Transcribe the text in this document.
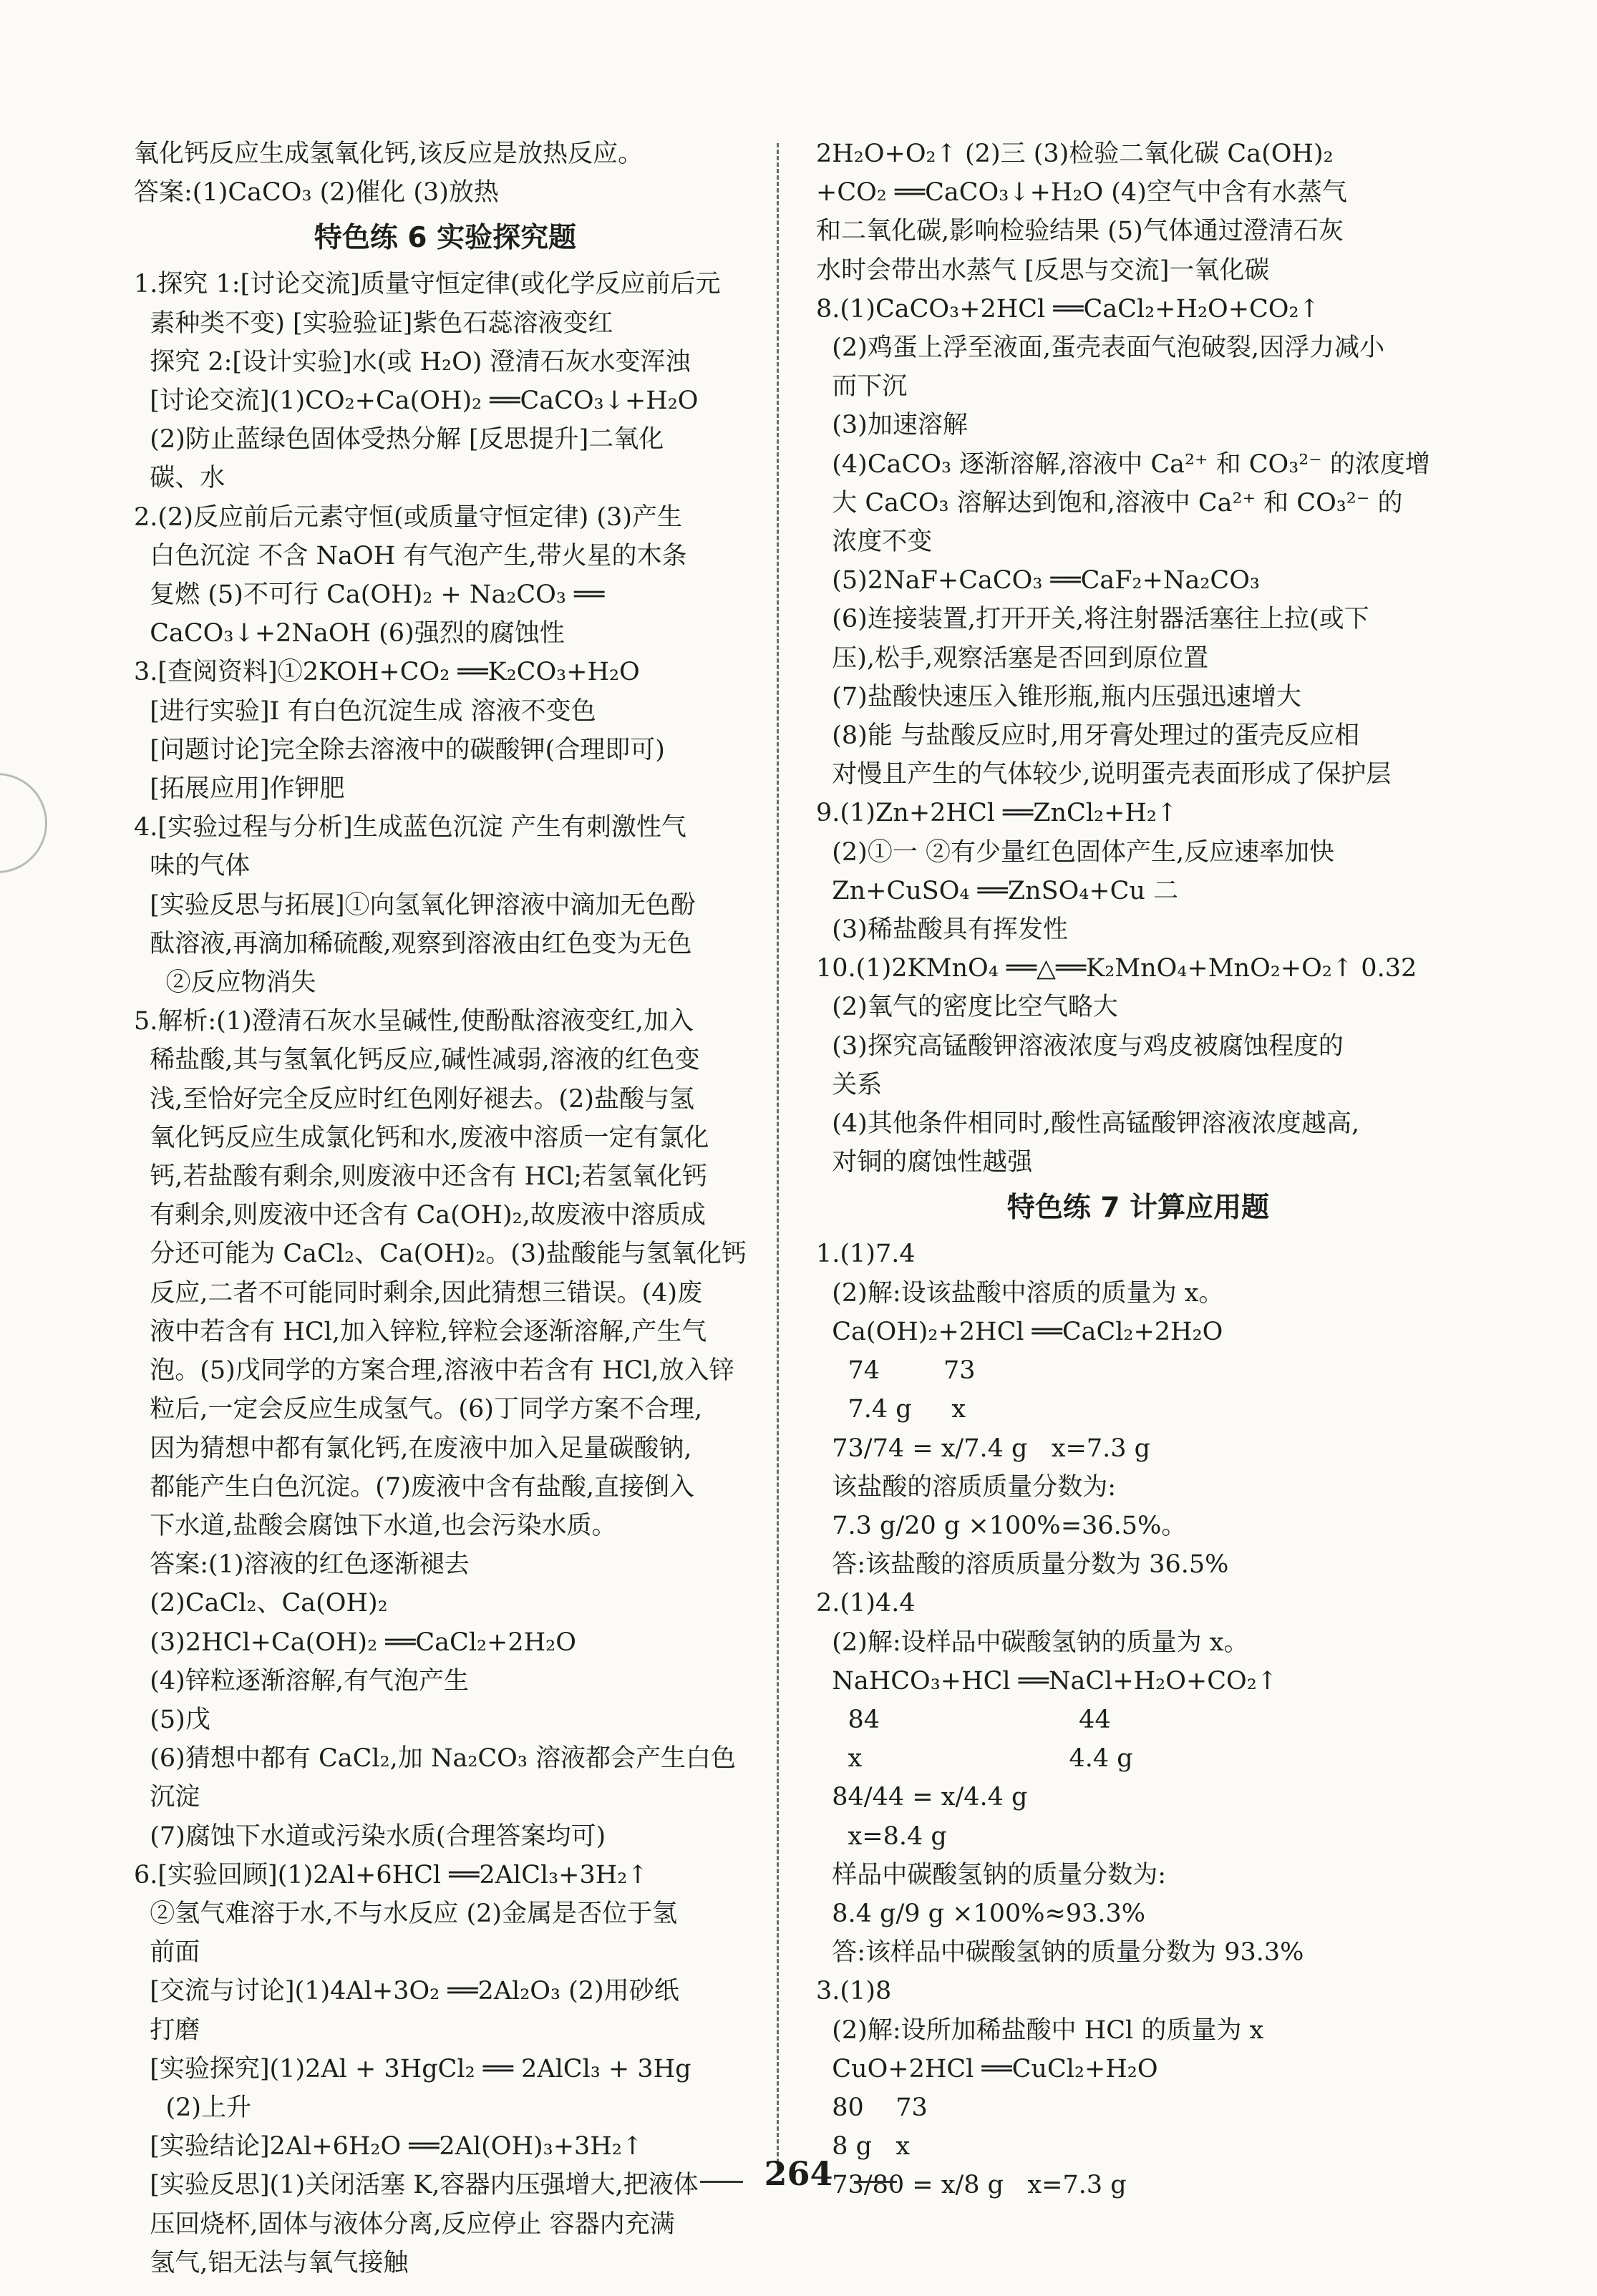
氧化钙反应生成氢氧化钙,该反应是放热反应。
答案:(1)CaCO₃ (2)催化 (3)放热
特色练 6 实验探究题
1.探究 1:[讨论交流]质量守恒定律(或化学反应前后元
素种类不变) [实验验证]紫色石蕊溶液变红
探究 2:[设计实验]水(或 H₂O) 澄清石灰水变浑浊
[讨论交流](1)CO₂+Ca(OH)₂ ══CaCO₃↓+H₂O
(2)防止蓝绿色固体受热分解 [反思提升]二氧化
碳、水
2.(2)反应前后元素守恒(或质量守恒定律) (3)产生
白色沉淀 不含 NaOH 有气泡产生,带火星的木条
复燃 (5)不可行 Ca(OH)₂ + Na₂CO₃ ══
CaCO₃↓+2NaOH (6)强烈的腐蚀性
3.[查阅资料]①2KOH+CO₂ ══K₂CO₃+H₂O
[进行实验]Ⅰ 有白色沉淀生成 溶液不变色
[问题讨论]完全除去溶液中的碳酸钾(合理即可)
[拓展应用]作钾肥
4.[实验过程与分析]生成蓝色沉淀 产生有刺激性气
味的气体
[实验反思与拓展]①向氢氧化钾溶液中滴加无色酚
酞溶液,再滴加稀硫酸,观察到溶液由红色变为无色
②反应物消失
5.解析:(1)澄清石灰水呈碱性,使酚酞溶液变红,加入
稀盐酸,其与氢氧化钙反应,碱性减弱,溶液的红色变
浅,至恰好完全反应时红色刚好褪去。(2)盐酸与氢
氧化钙反应生成氯化钙和水,废液中溶质一定有氯化
钙,若盐酸有剩余,则废液中还含有 HCl;若氢氧化钙
有剩余,则废液中还含有 Ca(OH)₂,故废液中溶质成
分还可能为 CaCl₂、Ca(OH)₂。(3)盐酸能与氢氧化钙
反应,二者不可能同时剩余,因此猜想三错误。(4)废
液中若含有 HCl,加入锌粒,锌粒会逐渐溶解,产生气
泡。(5)戊同学的方案合理,溶液中若含有 HCl,放入锌
粒后,一定会反应生成氢气。(6)丁同学方案不合理,
因为猜想中都有氯化钙,在废液中加入足量碳酸钠,
都能产生白色沉淀。(7)废液中含有盐酸,直接倒入
下水道,盐酸会腐蚀下水道,也会污染水质。
答案:(1)溶液的红色逐渐褪去
(2)CaCl₂、Ca(OH)₂
(3)2HCl+Ca(OH)₂ ══CaCl₂+2H₂O
(4)锌粒逐渐溶解,有气泡产生
(5)戊
(6)猜想中都有 CaCl₂,加 Na₂CO₃ 溶液都会产生白色
沉淀
(7)腐蚀下水道或污染水质(合理答案均可)
6.[实验回顾](1)2Al+6HCl ══2AlCl₃+3H₂↑
②氢气难溶于水,不与水反应 (2)金属是否位于氢
前面
[交流与讨论](1)4Al+3O₂ ══2Al₂O₃ (2)用砂纸
打磨
[实验探究](1)2Al + 3HgCl₂ ══ 2AlCl₃ + 3Hg
(2)上升
[实验结论]2Al+6H₂O ══2Al(OH)₃+3H₂↑
[实验反思](1)关闭活塞 K,容器内压强增大,把液体
压回烧杯,固体与液体分离,反应停止 容器内充满
氢气,铝无法与氧气接触
2H₂O+O₂↑ (2)三 (3)检验二氧化碳 Ca(OH)₂
+CO₂ ══CaCO₃↓+H₂O (4)空气中含有水蒸气
和二氧化碳,影响检验结果 (5)气体通过澄清石灰
水时会带出水蒸气 [反思与交流]一氧化碳
8.(1)CaCO₃+2HCl ══CaCl₂+H₂O+CO₂↑
(2)鸡蛋上浮至液面,蛋壳表面气泡破裂,因浮力减小
而下沉
(3)加速溶解
(4)CaCO₃ 逐渐溶解,溶液中 Ca²⁺ 和 CO₃²⁻ 的浓度增
大 CaCO₃ 溶解达到饱和,溶液中 Ca²⁺ 和 CO₃²⁻ 的
浓度不变
(5)2NaF+CaCO₃ ══CaF₂+Na₂CO₃
(6)连接装置,打开开关,将注射器活塞往上拉(或下
压),松手,观察活塞是否回到原位置
(7)盐酸快速压入锥形瓶,瓶内压强迅速增大
(8)能 与盐酸反应时,用牙膏处理过的蛋壳反应相
对慢且产生的气体较少,说明蛋壳表面形成了保护层
9.(1)Zn+2HCl ══ZnCl₂+H₂↑
(2)①一 ②有少量红色固体产生,反应速率加快
Zn+CuSO₄ ══ZnSO₄+Cu 二
(3)稀盐酸具有挥发性
10.(1)2KMnO₄ ══△══K₂MnO₄+MnO₂+O₂↑ 0.32
(2)氧气的密度比空气略大
(3)探究高锰酸钾溶液浓度与鸡皮被腐蚀程度的
关系
(4)其他条件相同时,酸性高锰酸钾溶液浓度越高,
对铜的腐蚀性越强
特色练 7 计算应用题
1.(1)7.4
(2)解:设该盐酸中溶质的质量为 x。
Ca(OH)₂+2HCl ══CaCl₂+2H₂O
74        73
7.4 g     x
73/74 = x/7.4 g   x=7.3 g
该盐酸的溶质质量分数为:
7.3 g/20 g ×100%=36.5%。
答:该盐酸的溶质质量分数为 36.5%
2.(1)4.4
(2)解:设样品中碳酸氢钠的质量为 x。
NaHCO₃+HCl ══NaCl+H₂O+CO₂↑
84                         44
x                          4.4 g
84/44 = x/4.4 g
x=8.4 g
样品中碳酸氢钠的质量分数为:
8.4 g/9 g ×100%≈93.3%
答:该样品中碳酸氢钠的质量分数为 93.3%
3.(1)8
(2)解:设所加稀盐酸中 HCl 的质量为 x
CuO+2HCl ══CuCl₂+H₂O
80    73
8 g   x
73/80 = x/8 g   x=7.3 g
264
